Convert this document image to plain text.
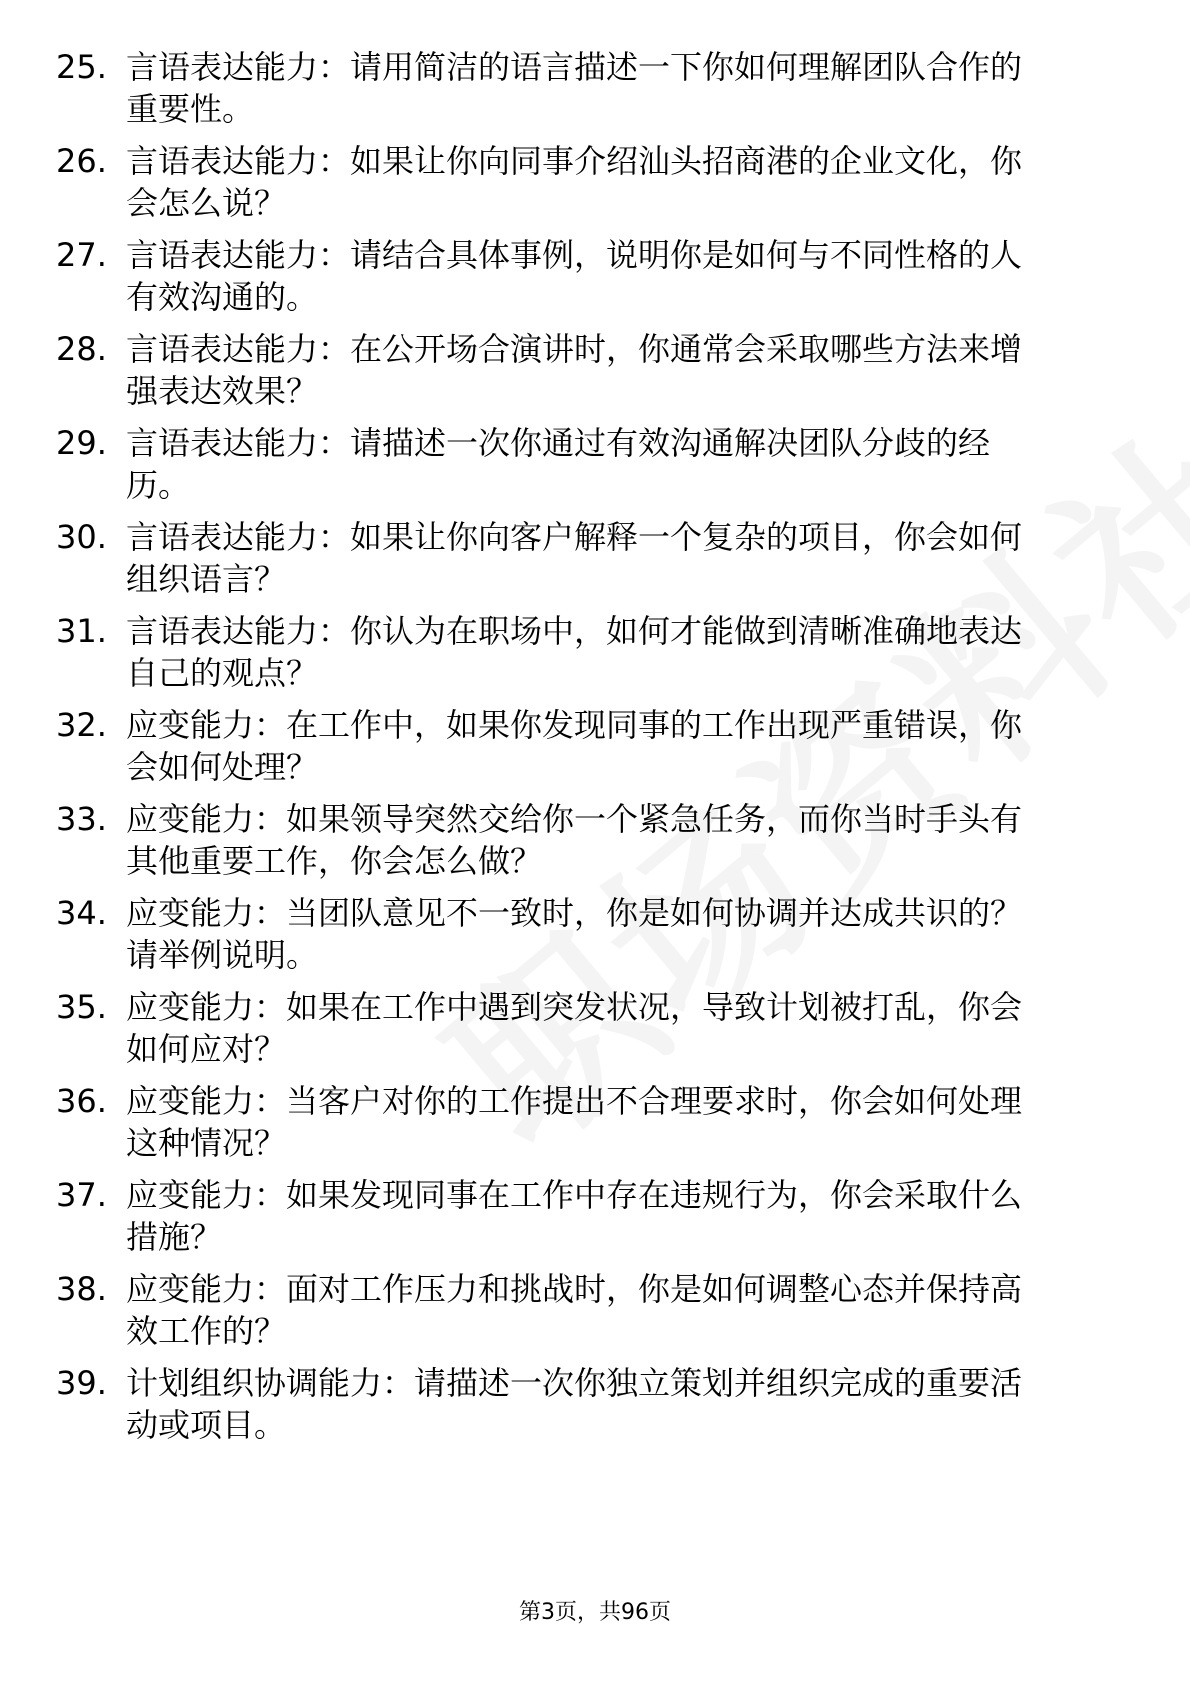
25. 言语表达能力：请用简洁的语言描述一下你如何理解团队合作的
重要性。
26. 言语表达能力：如果让你向同事介绍汕头招商港的企业文化，你
会怎么说？
27. 言语表达能力：请结合具体事例，说明你是如何与不同性格的人
有效沟通的。
28. 言语表达能力：在公开场合演讲时，你通常会采取哪些方法来增
强表达效果？
29. 言语表达能力：请描述一次你通过有效沟通解决团队分歧的经
历。
30. 言语表达能力：如果让你向客户解释一个复杂的项目，你会如何
组织语言？
31. 言语表达能力：你认为在职场中，如何才能做到清晰准确地表达
自己的观点？
32. 应变能力：在工作中，如果你发现同事的工作出现严重错误，你
会如何处理？
33. 应变能力：如果领导突然交给你一个紧急任务，而你当时手头有
其他重要工作，你会怎么做？
34. 应变能力：当团队意见不一致时，你是如何协调并达成共识的？
请举例说明。
35. 应变能力：如果在工作中遇到突发状况，导致计划被打乱，你会
如何应对？
36. 应变能力：当客户对你的工作提出不合理要求时，你会如何处理
这种情况？
37. 应变能力：如果发现同事在工作中存在违规行为，你会采取什么
措施？
38. 应变能力：面对工作压力和挑战时，你是如何调整心态并保持高
效工作的？
39. 计划组织协调能力：请描述一次你独立策划并组织完成的重要活
动或项目。
第3页，共96页
